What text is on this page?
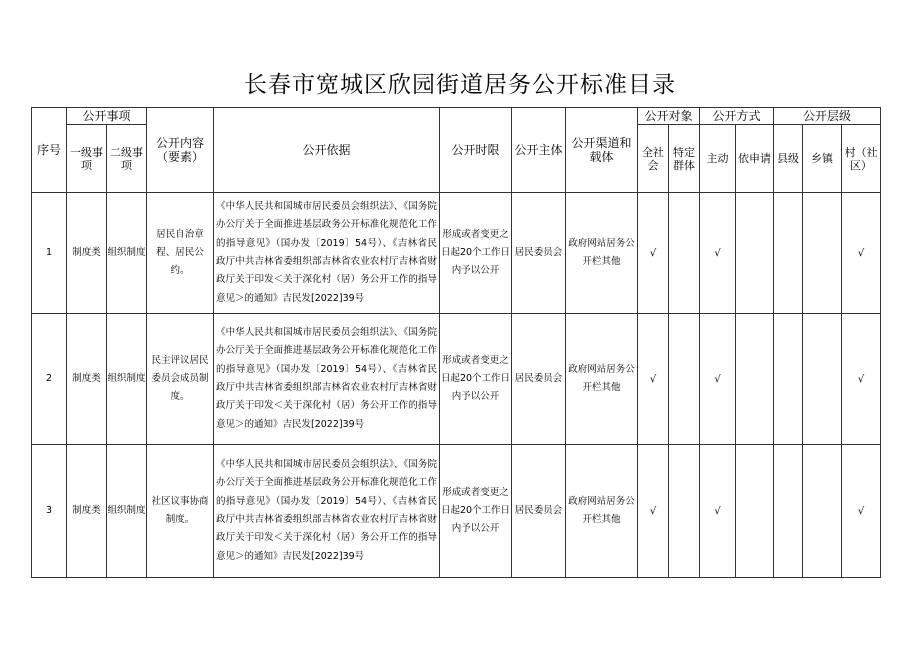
长春市宽城区欣园街道居务公开标准目录
序号	公开事项		公开内容（要素）	公开依据	公开时限	公开主体	公开渠道和载体	公开对象		公开方式		公开层级		
	一级事项	二级事项						全社会	特定群体	主动	依申请	县级	乡镇	村（社区）
1	制度类	组织制度	居民自治章程、居民公约。	《中华人民共和国城市居民委员会组织法》、《国务院办公厅关于全面推进基层政务公开标准化规范化工作的指导意见》（国办发〔2019〕54号）、《吉林省民政厅中共吉林省委组织部吉林省农业农村厅吉林省财政厅关于印发＜关于深化村（居）务公开工作的指导意见＞的通知》吉民发[2022]39号	形成或者变更之日起20个工作日内予以公开	居民委员会	政府网站居务公开栏其他	√		√				√
2	制度类	组织制度	民主评议居民委员会成员制度。	《中华人民共和国城市居民委员会组织法》、《国务院办公厅关于全面推进基层政务公开标准化规范化工作的指导意见》（国办发〔2019〕54号）、《吉林省民政厅中共吉林省委组织部吉林省农业农村厅吉林省财政厅关于印发＜关于深化村（居）务公开工作的指导意见＞的通知》吉民发[2022]39号	形成或者变更之日起20个工作日内予以公开	居民委员会	政府网站居务公开栏其他	√		√				√
3	制度类	组织制度	社区议事协商制度。	《中华人民共和国城市居民委员会组织法》、《国务院办公厅关于全面推进基层政务公开标准化规范化工作的指导意见》（国办发〔2019〕54号）、《吉林省民政厅中共吉林省委组织部吉林省农业农村厅吉林省财政厅关于印发＜关于深化村（居）务公开工作的指导意见＞的通知》吉民发[2022]39号	形成或者变更之日起20个工作日内予以公开	居民委员会	政府网站居务公开栏其他	√		√				√
